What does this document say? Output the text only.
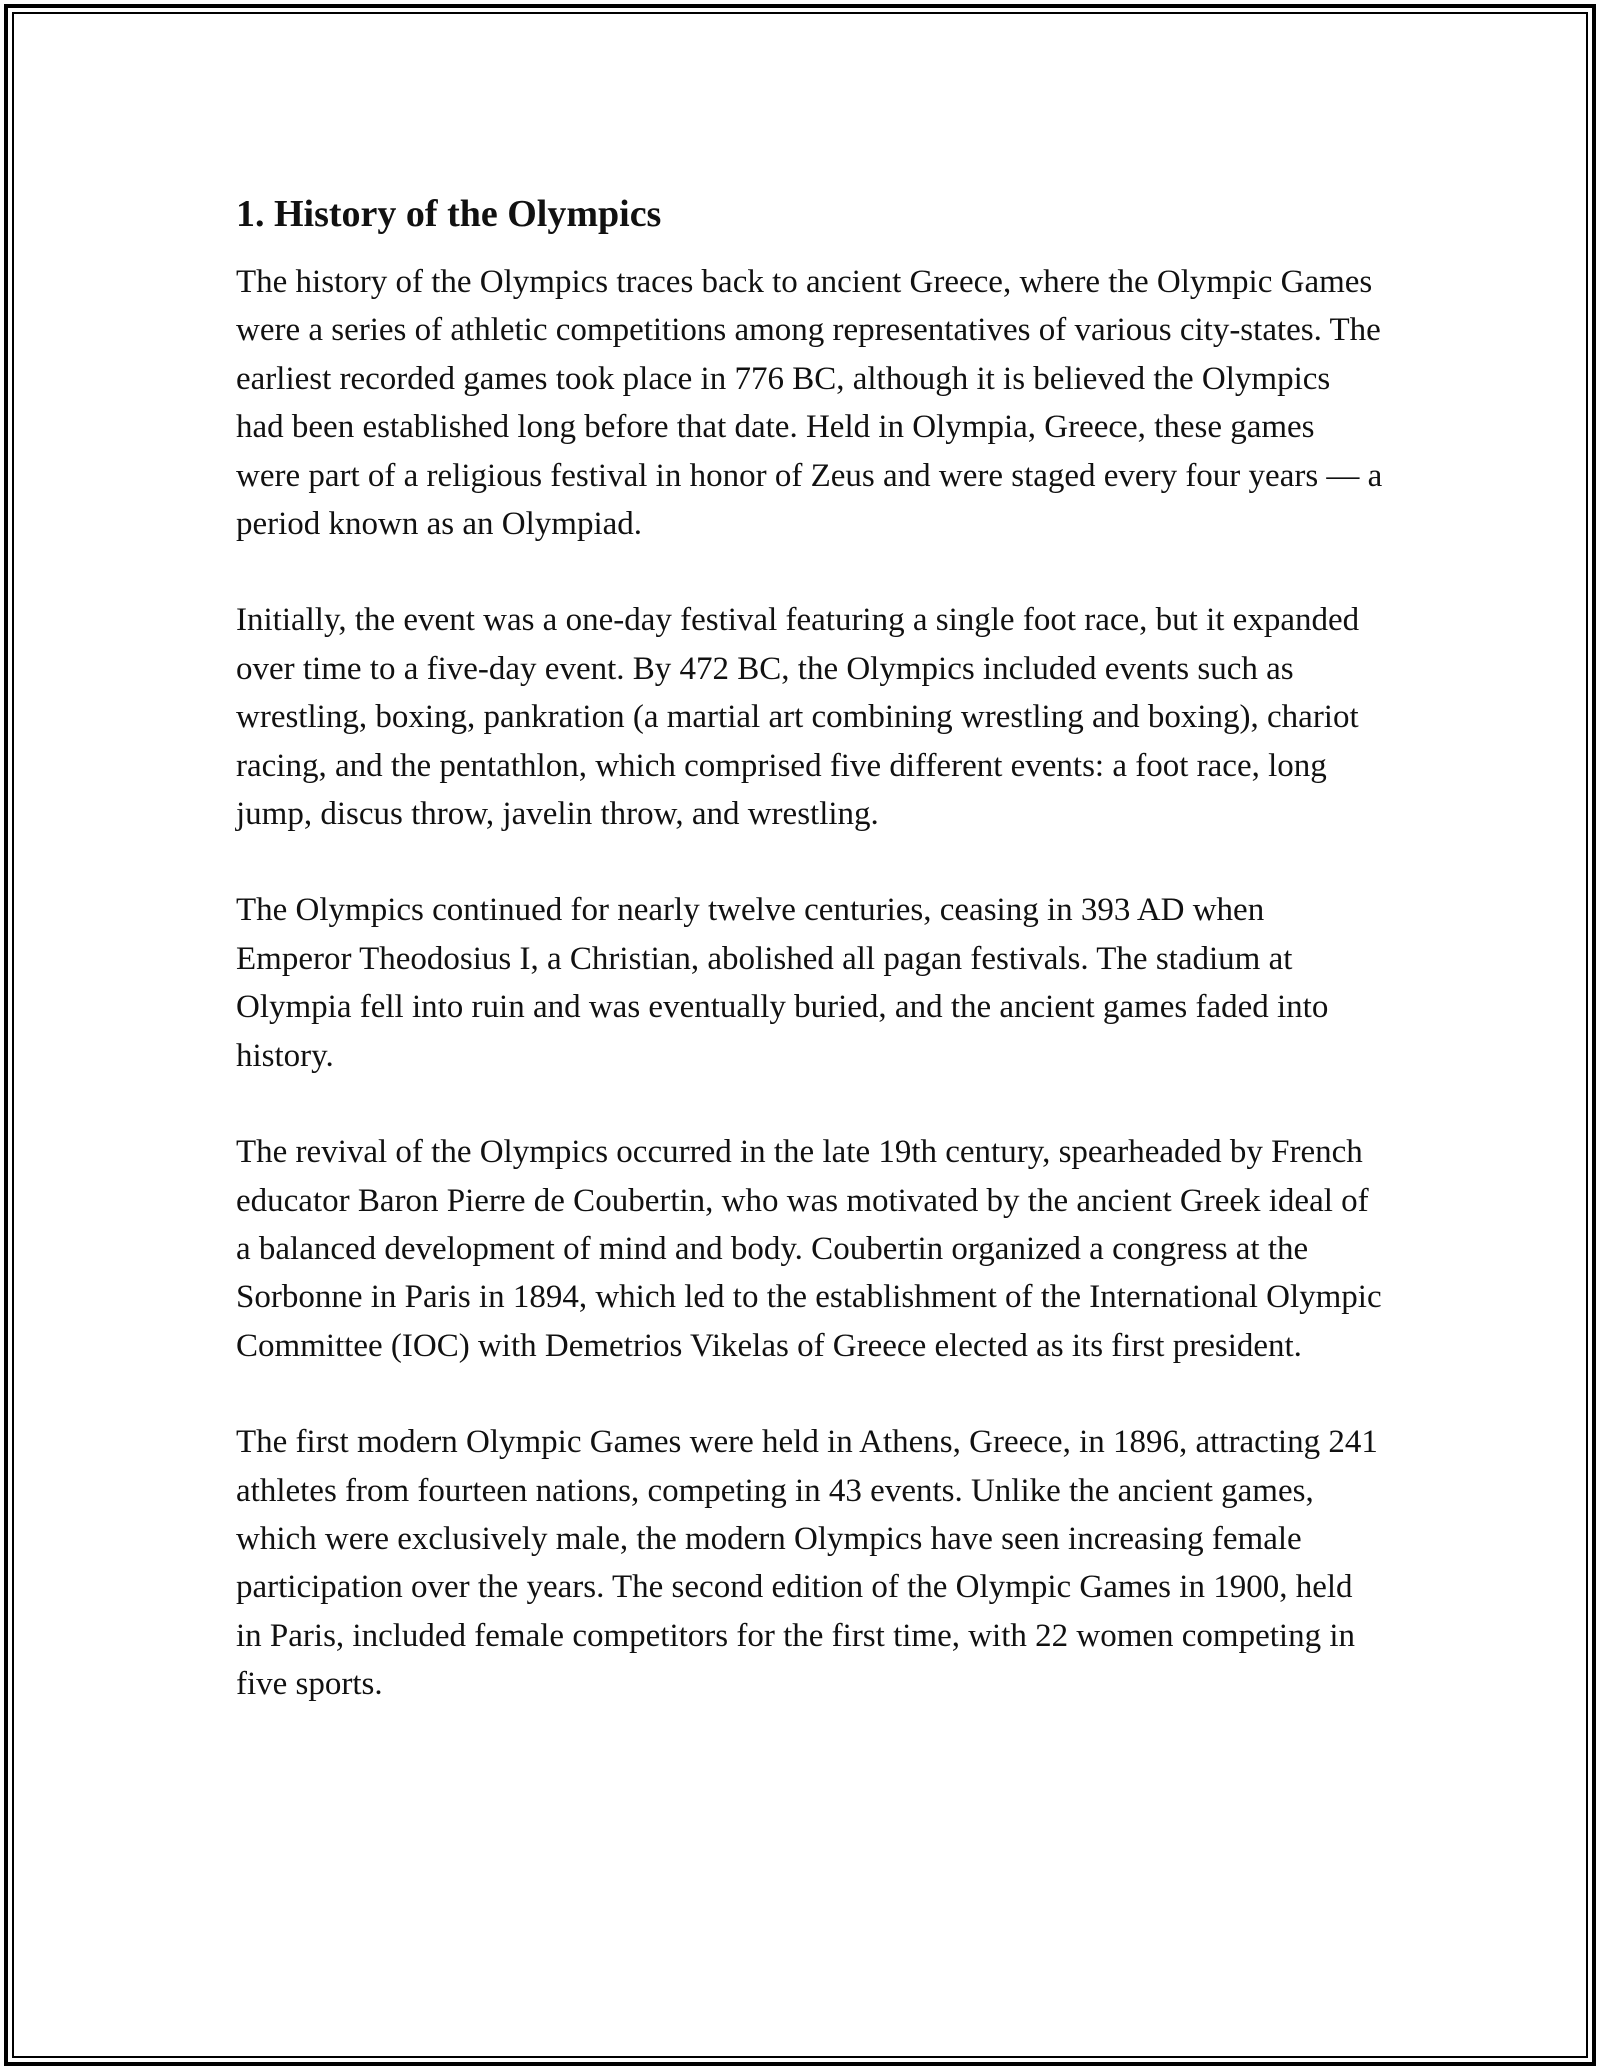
1. History of the Olympics

The history of the Olympics traces back to ancient Greece, where the Olympic Games were a series of athletic competitions among representatives of various city-states. The earliest recorded games took place in 776 BC, although it is believed the Olympics had been established long before that date. Held in Olympia, Greece, these games were part of a religious festival in honor of Zeus and were staged every four years — a period known as an Olympiad.

Initially, the event was a one-day festival featuring a single foot race, but it expanded over time to a five-day event. By 472 BC, the Olympics included events such as wrestling, boxing, pankration (a martial art combining wrestling and boxing), chariot racing, and the pentathlon, which comprised five different events: a foot race, long jump, discus throw, javelin throw, and wrestling.

The Olympics continued for nearly twelve centuries, ceasing in 393 AD when Emperor Theodosius I, a Christian, abolished all pagan festivals. The stadium at Olympia fell into ruin and was eventually buried, and the ancient games faded into history.

The revival of the Olympics occurred in the late 19th century, spearheaded by French educator Baron Pierre de Coubertin, who was motivated by the ancient Greek ideal of a balanced development of mind and body. Coubertin organized a congress at the Sorbonne in Paris in 1894, which led to the establishment of the International Olympic Committee (IOC) with Demetrios Vikelas of Greece elected as its first president.

The first modern Olympic Games were held in Athens, Greece, in 1896, attracting 241 athletes from fourteen nations, competing in 43 events. Unlike the ancient games, which were exclusively male, the modern Olympics have seen increasing female participation over the years. The second edition of the Olympic Games in 1900, held in Paris, included female competitors for the first time, with 22 women competing in five sports.
